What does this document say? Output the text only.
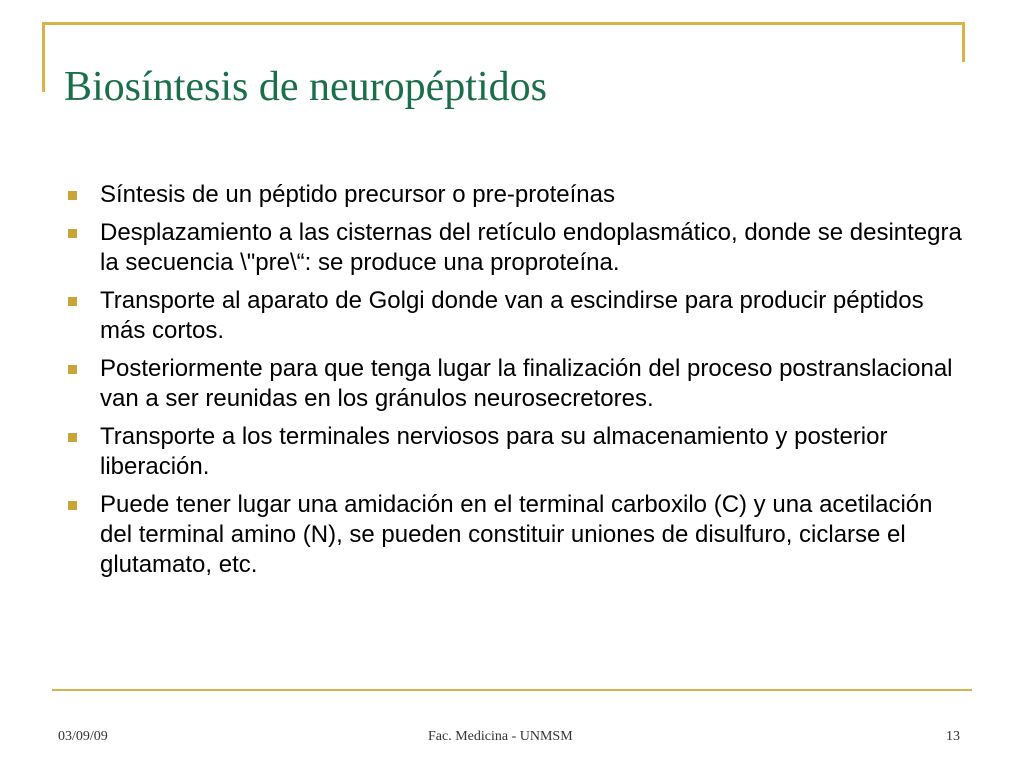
Biosíntesis de neuropéptidos
Síntesis de un péptido precursor o pre-proteínas
Desplazamiento a las cisternas del retículo endoplasmático, donde se desintegra la secuencia \"pre\“: se produce una proproteína.
Transporte al aparato de Golgi donde van a escindirse para producir péptidos más cortos.
Posteriormente para que tenga lugar la finalización del proceso postranslacional van a ser reunidas en los gránulos neurosecretores.
Transporte a los terminales nerviosos para su almacenamiento y posterior liberación.
Puede tener lugar una amidación en el terminal carboxilo (C) y una acetilación del terminal amino (N), se pueden constituir uniones de disulfuro, ciclarse el glutamato, etc.
03/09/09	Fac. Medicina - UNMSM	13
